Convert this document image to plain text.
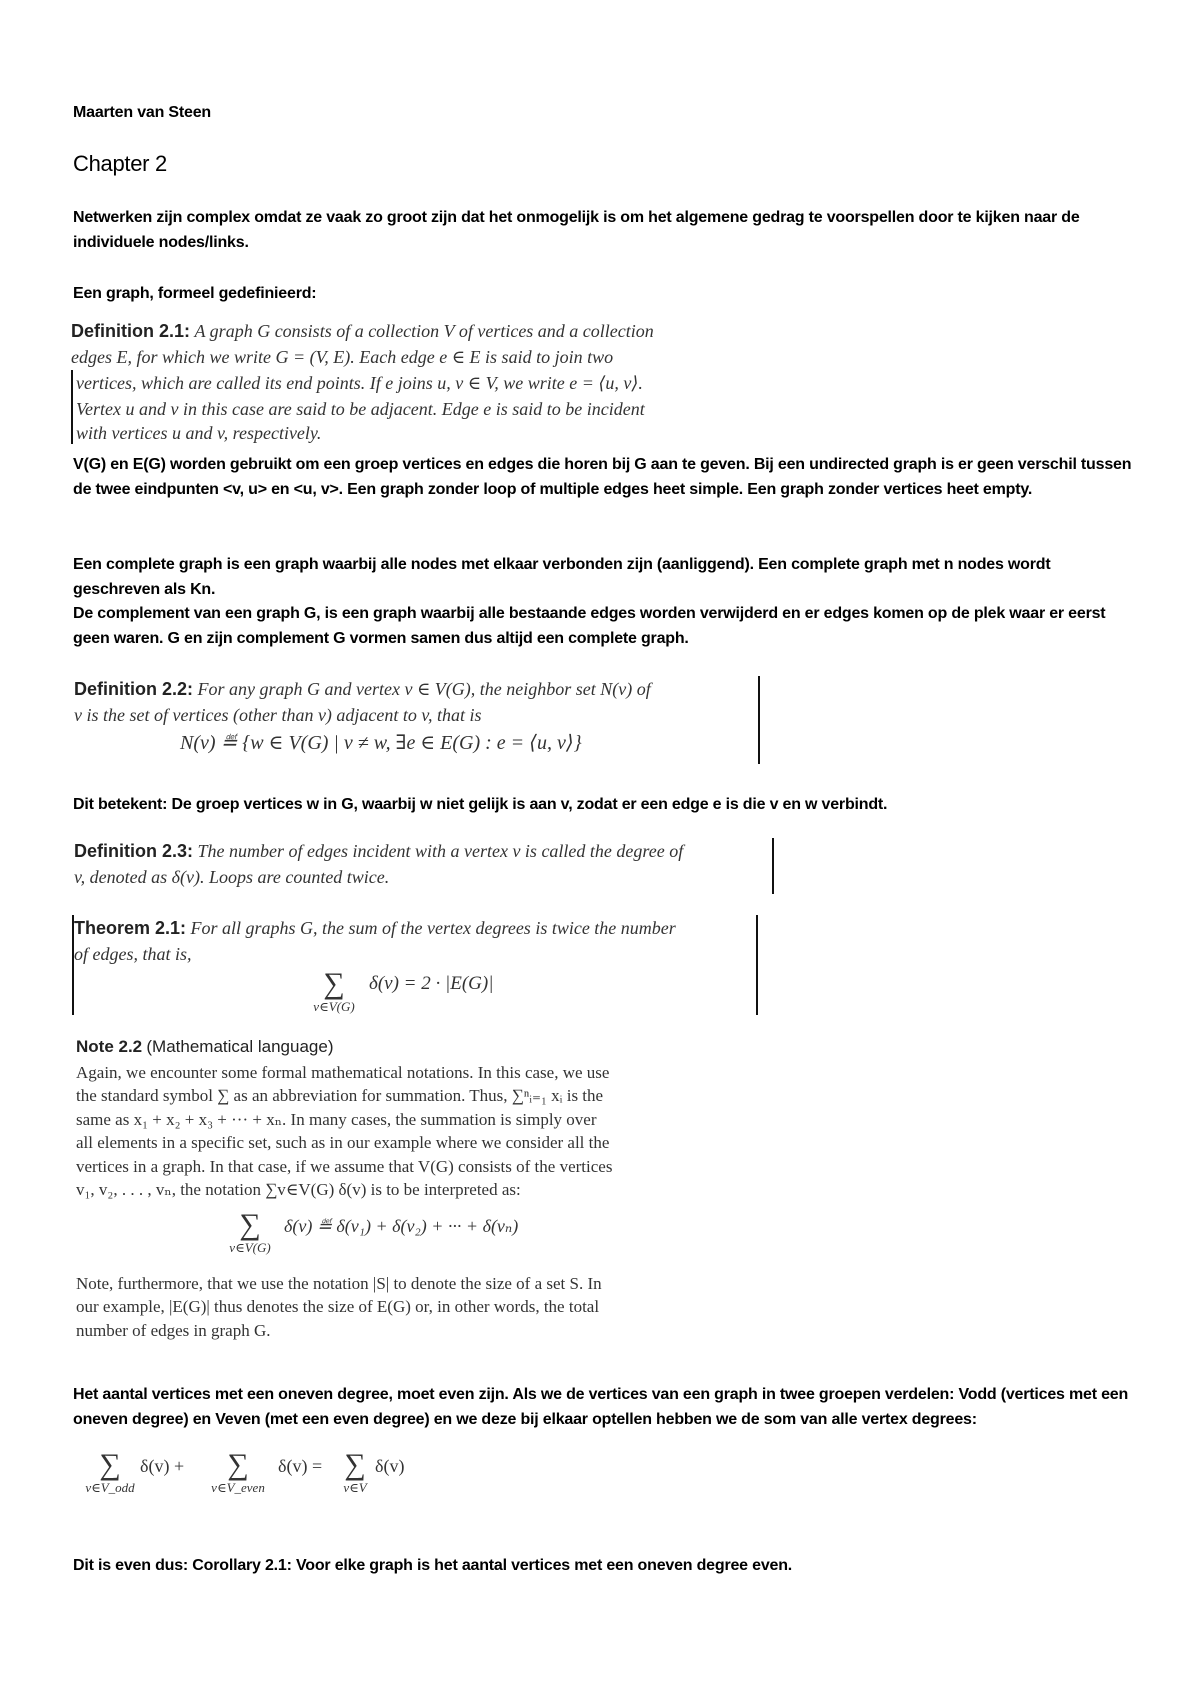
Maarten van Steen
Chapter 2
Netwerken zijn complex omdat ze vaak zo groot zijn dat het onmogelijk is om het algemene gedrag te voorspellen door te kijken naar de individuele nodes/links.
Een graph, formeel gedefinieerd:
Definition 2.1: A graph G consists of a collection V of vertices and a collection
edges E, for which we write G = (V, E). Each edge e ∈ E is said to join two
vertices, which are called its end points. If e joins u, v ∈ V, we write e = ⟨u, v⟩.
Vertex u and v in this case are said to be adjacent. Edge e is said to be incident
with vertices u and v, respectively.
V(G) en E(G) worden gebruikt om een groep vertices en edges die horen bij G aan te geven. Bij een undirected graph is er geen verschil tussen de twee eindpunten <v, u> en <u, v>. Een graph zonder loop of multiple edges heet simple. Een graph zonder vertices heet empty.
Een complete graph is een graph waarbij alle nodes met elkaar verbonden zijn (aanliggend). Een complete graph met n nodes wordt geschreven als Kn.
De complement van een graph G, is een graph waarbij alle bestaande edges worden verwijderd en er edges komen op de plek waar er eerst geen waren. G en zijn complement G vormen samen dus altijd een complete graph.
Definition 2.2: For any graph G and vertex v ∈ V(G), the neighbor set N(v) of
v is the set of vertices (other than v) adjacent to v, that is
N(v) ≝ {w ∈ V(G) | v ≠ w, ∃e ∈ E(G) : e = ⟨u, v⟩}
Dit betekent: De groep vertices w in G, waarbij w niet gelijk is aan v, zodat er een edge e is die v en w verbindt.
Definition 2.3: The number of edges incident with a vertex v is called the degree of
v, denoted as δ(v). Loops are counted twice.
Theorem 2.1: For all graphs G, the sum of the vertex degrees is twice the number
of edges, that is,
∑
v∈V(G)
δ(v) = 2 · |E(G)|
Note 2.2 (Mathematical language)
Again, we encounter some formal mathematical notations. In this case, we use
the standard symbol ∑ as an abbreviation for summation. Thus, ∑ⁿᵢ₌₁ xᵢ is the
same as x₁ + x₂ + x₃ + ··· + xₙ. In many cases, the summation is simply over
all elements in a specific set, such as in our example where we consider all the
vertices in a graph. In that case, if we assume that V(G) consists of the vertices
v₁, v₂, . . . , vₙ, the notation ∑v∈V(G) δ(v) is to be interpreted as:
∑
v∈V(G)
δ(v) ≝ δ(v₁) + δ(v₂) + ··· + δ(vₙ)
Note, furthermore, that we use the notation |S| to denote the size of a set S. In
our example, |E(G)| thus denotes the size of E(G) or, in other words, the total
number of edges in graph G.
Het aantal vertices met een oneven degree, moet even zijn. Als we de vertices van een graph in twee groepen verdelen: Vodd (vertices met een oneven degree) en Veven (met een even degree) en we deze bij elkaar optellen hebben we de som van alle vertex degrees:
∑
v∈V_odd
δ(v) +	∑
v∈V_even
δ(v) = ∑
v∈V
δ(v)
Dit is even dus: Corollary 2.1: Voor elke graph is het aantal vertices met een oneven degree even.
